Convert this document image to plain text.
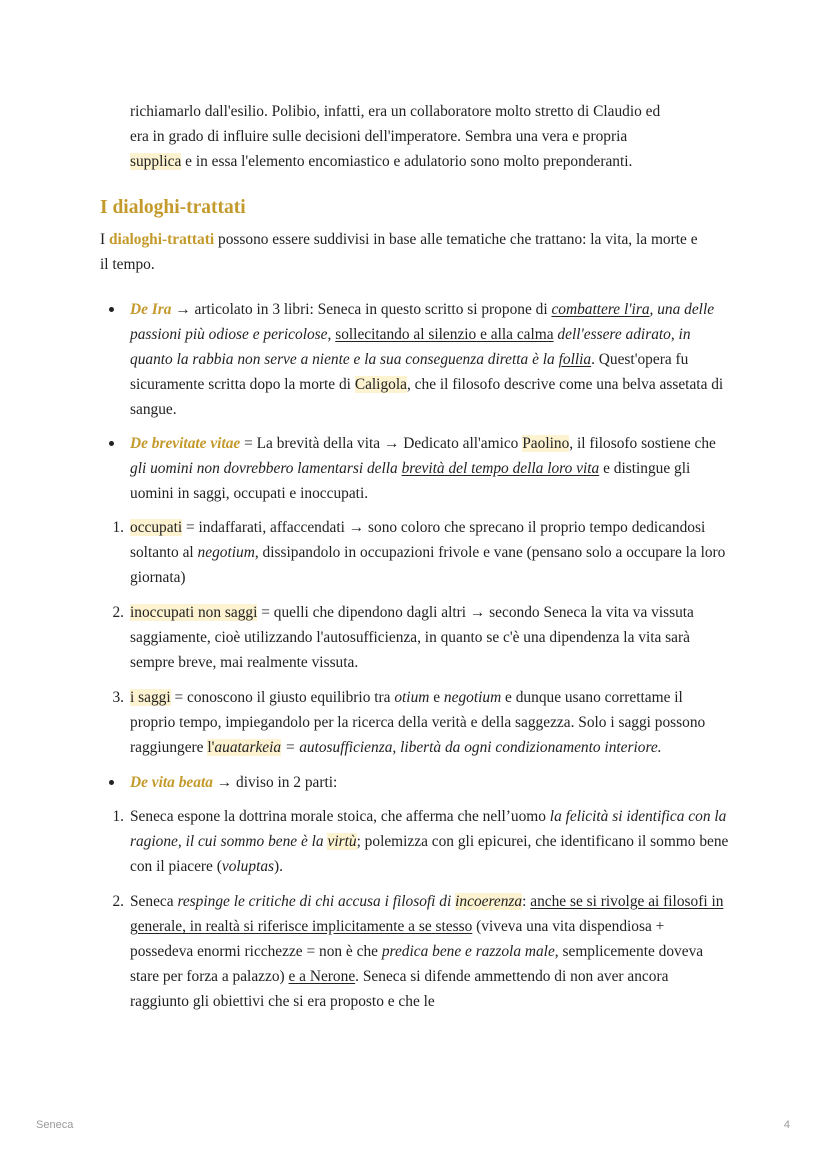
richiamarlo dall'esilio. Polibio, infatti, era un collaboratore molto stretto di Claudio ed
era in grado di influire sulle decisioni dell'imperatore. Sembra una vera e propria
supplica e in essa l'elemento encomiastico e adulatorio sono molto preponderanti.

I dialoghi-trattati

I dialoghi-trattati possono essere suddivisi in base alle tematiche che trattano: la vita, la morte e il tempo.

De Ira → articolato in 3 libri: Seneca in questo scritto si propone di combattere l'ira, una delle passioni più odiose e pericolose, sollecitando al silenzio e alla calma dell'essere adirato, in quanto la rabbia non serve a niente e la sua conseguenza diretta è la follia. Quest'opera fu sicuramente scritta dopo la morte di Caligola, che il filosofo descrive come una belva assetata di sangue.

De brevitate vitae = La brevità della vita → Dedicato all'amico Paolino, il filosofo sostiene che gli uomini non dovrebbero lamentarsi della brevità del tempo della loro vita e distingue gli uomini in saggi, occupati e inoccupati.

1. occupati = indaffarati, affaccendati → sono coloro che sprecano il proprio tempo dedicandosi soltanto al negotium, dissipandolo in occupazioni frivole e vane (pensano solo a occupare la loro giornata)

2. inoccupati non saggi = quelli che dipendono dagli altri → secondo Seneca la vita va vissuta saggiamente, cioè utilizzando l'autosufficienza, in quanto se c'è una dipendenza la vita sarà sempre breve, mai realmente vissuta.

3. i saggi = conoscono il giusto equilibrio tra otium e negotium e dunque usano correttame il proprio tempo, impiegandolo per la ricerca della verità e della saggezza. Solo i saggi possono raggiungere l'auatarkeia = autosufficienza, libertà da ogni condizionamento interiore.

De vita beata → diviso in 2 parti:

1. Seneca espone la dottrina morale stoica, che afferma che nell’uomo la felicità si identifica con la ragione, il cui sommo bene è la virtù; polemizza con gli epicurei, che identificano il sommo bene con il piacere (voluptas).

2. Seneca respinge le critiche di chi accusa i filosofi di incoerenza: anche se si rivolge ai filosofi in generale, in realtà si riferisce implicitamente a se stesso (viveva una vita dispendiosa + possedeva enormi ricchezze = non è che predica bene e razzola male, semplicemente doveva stare per forza a palazzo) e a Nerone. Seneca si difende ammettendo di non aver ancora raggiunto gli obiettivi che si era proposto e che le

Seneca	4
